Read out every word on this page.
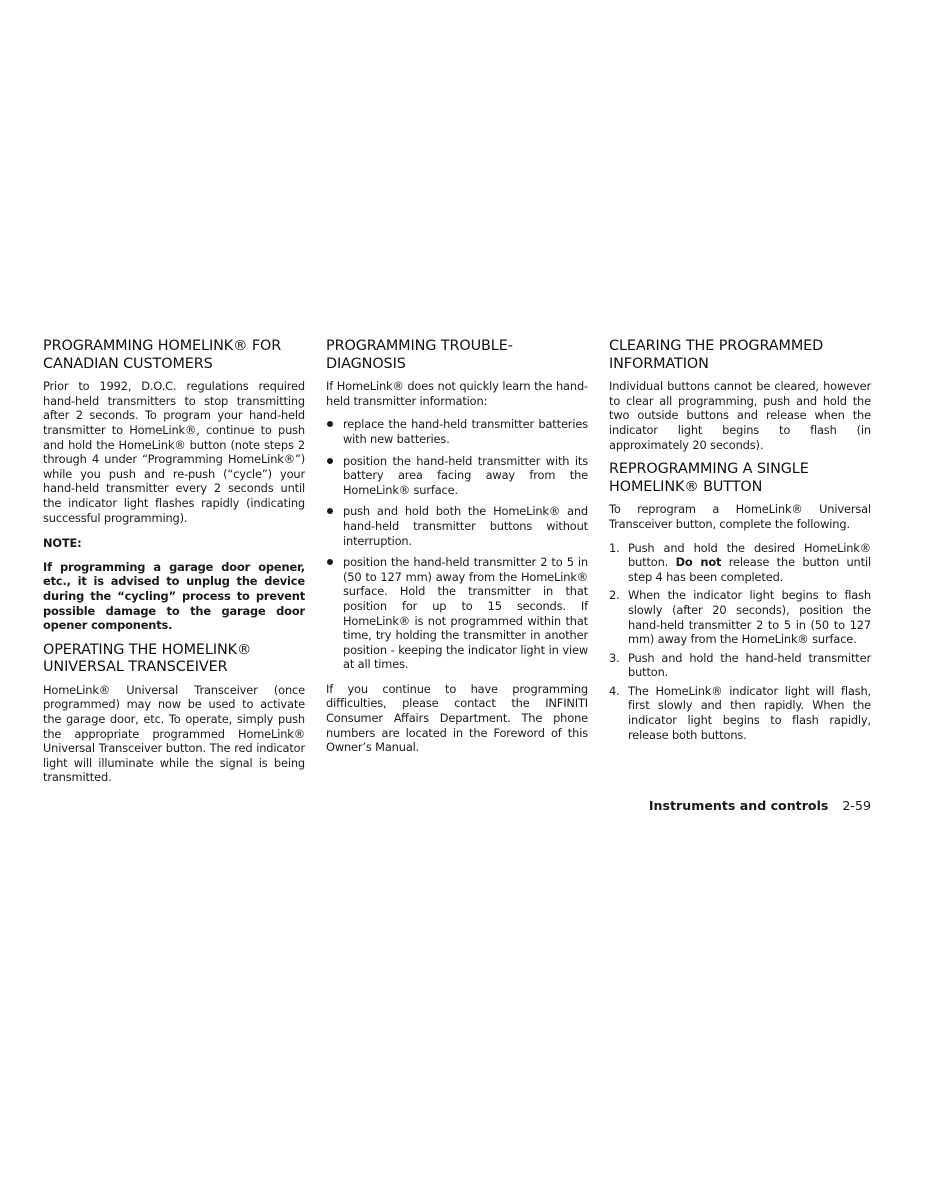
PROGRAMMING HOMELINK® FOR
CANADIAN CUSTOMERS

Prior to 1992, D.O.C. regulations required hand-held transmitters to stop transmitting after 2 seconds. To program your hand-held transmitter to HomeLink®, continue to push and hold the HomeLink® button (note steps 2 through 4 under “Programming HomeLink®”) while you push and re-push (“cycle”) your hand-held transmitter every 2 seconds until the indicator light flashes rapidly (indicating successful programming).

NOTE:

If programming a garage door opener, etc., it is advised to unplug the device during the “cycling” process to prevent possible damage to the garage door opener components.

OPERATING THE HOMELINK®
UNIVERSAL TRANSCEIVER

HomeLink® Universal Transceiver (once programmed) may now be used to activate the garage door, etc. To operate, simply push the appropriate programmed HomeLink® Universal Transceiver button. The red indicator light will illuminate while the signal is being transmitted.

PROGRAMMING TROUBLE-DIAGNOSIS

If HomeLink® does not quickly learn the hand-held transmitter information:

replace the hand-held transmitter batteries with new batteries.
position the hand-held transmitter with its battery area facing away from the HomeLink® surface.
push and hold both the HomeLink® and hand-held transmitter buttons without interruption.
position the hand-held transmitter 2 to 5 in (50 to 127 mm) away from the HomeLink® surface. Hold the transmitter in that position for up to 15 seconds. If HomeLink® is not programmed within that time, try holding the transmitter in another position - keeping the indicator light in view at all times.

If you continue to have programming difficulties, please contact the INFINITI Consumer Affairs Department. The phone numbers are located in the Foreword of this Owner’s Manual.

CLEARING THE PROGRAMMED
INFORMATION

Individual buttons cannot be cleared, however to clear all programming, push and hold the two outside buttons and release when the indicator light begins to flash (in approximately 20 seconds).

REPROGRAMMING A SINGLE
HOMELINK® BUTTON

To reprogram a HomeLink® Universal Transceiver button, complete the following.

1. Push and hold the desired HomeLink® button. Do not release the button until step 4 has been completed.
2. When the indicator light begins to flash slowly (after 20 seconds), position the hand-held transmitter 2 to 5 in (50 to 127 mm) away from the HomeLink® surface.
3. Push and hold the hand-held transmitter button.
4. The HomeLink® indicator light will flash, first slowly and then rapidly. When the indicator light begins to flash rapidly, release both buttons.
Instruments and controls 2-59
